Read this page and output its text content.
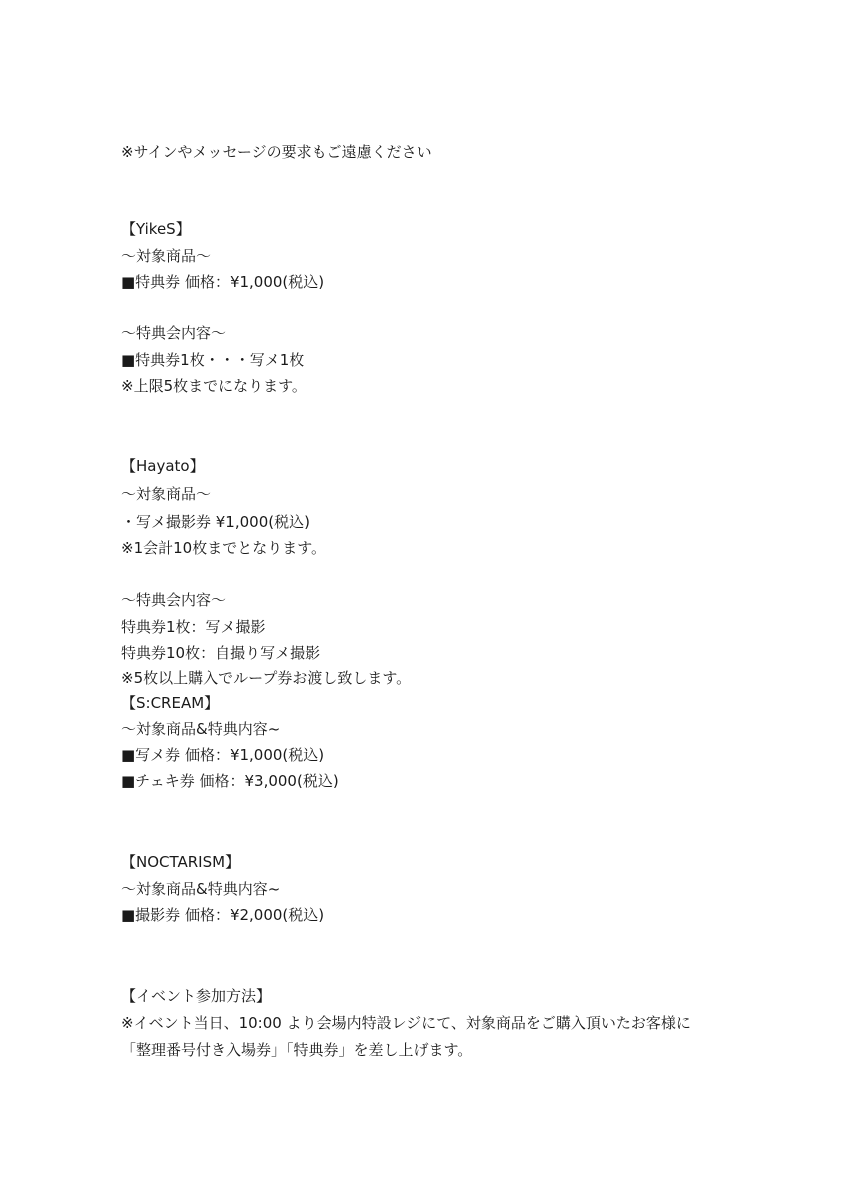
※サインやメッセージの要求もご遠慮ください
【YikeS】
〜対象商品〜
■特典券 価格：¥1,000(税込)
〜特典会内容〜
■特典券1枚・・・写メ1枚
※上限5枚までになります。
【Hayato】
〜対象商品〜
・写メ撮影券 ¥1,000(税込)
※1会計10枚までとなります。
〜特典会内容〜
特典券1枚：写メ撮影
特典券10枚：自撮り写メ撮影
※5枚以上購入でループ券お渡し致します。
【S:CREAM】
〜対象商品&特典内容~
■写メ券 価格：¥1,000(税込)
■チェキ券 価格：¥3,000(税込)
【NOCTARISM】
〜対象商品&特典内容~
■撮影券 価格：¥2,000(税込)
【イベント参加方法】
※イベント当日、10:00 より会場内特設レジにて、対象商品をご購入頂いたお客様に
「整理番号付き入場券」「特典券」を差し上げます。
